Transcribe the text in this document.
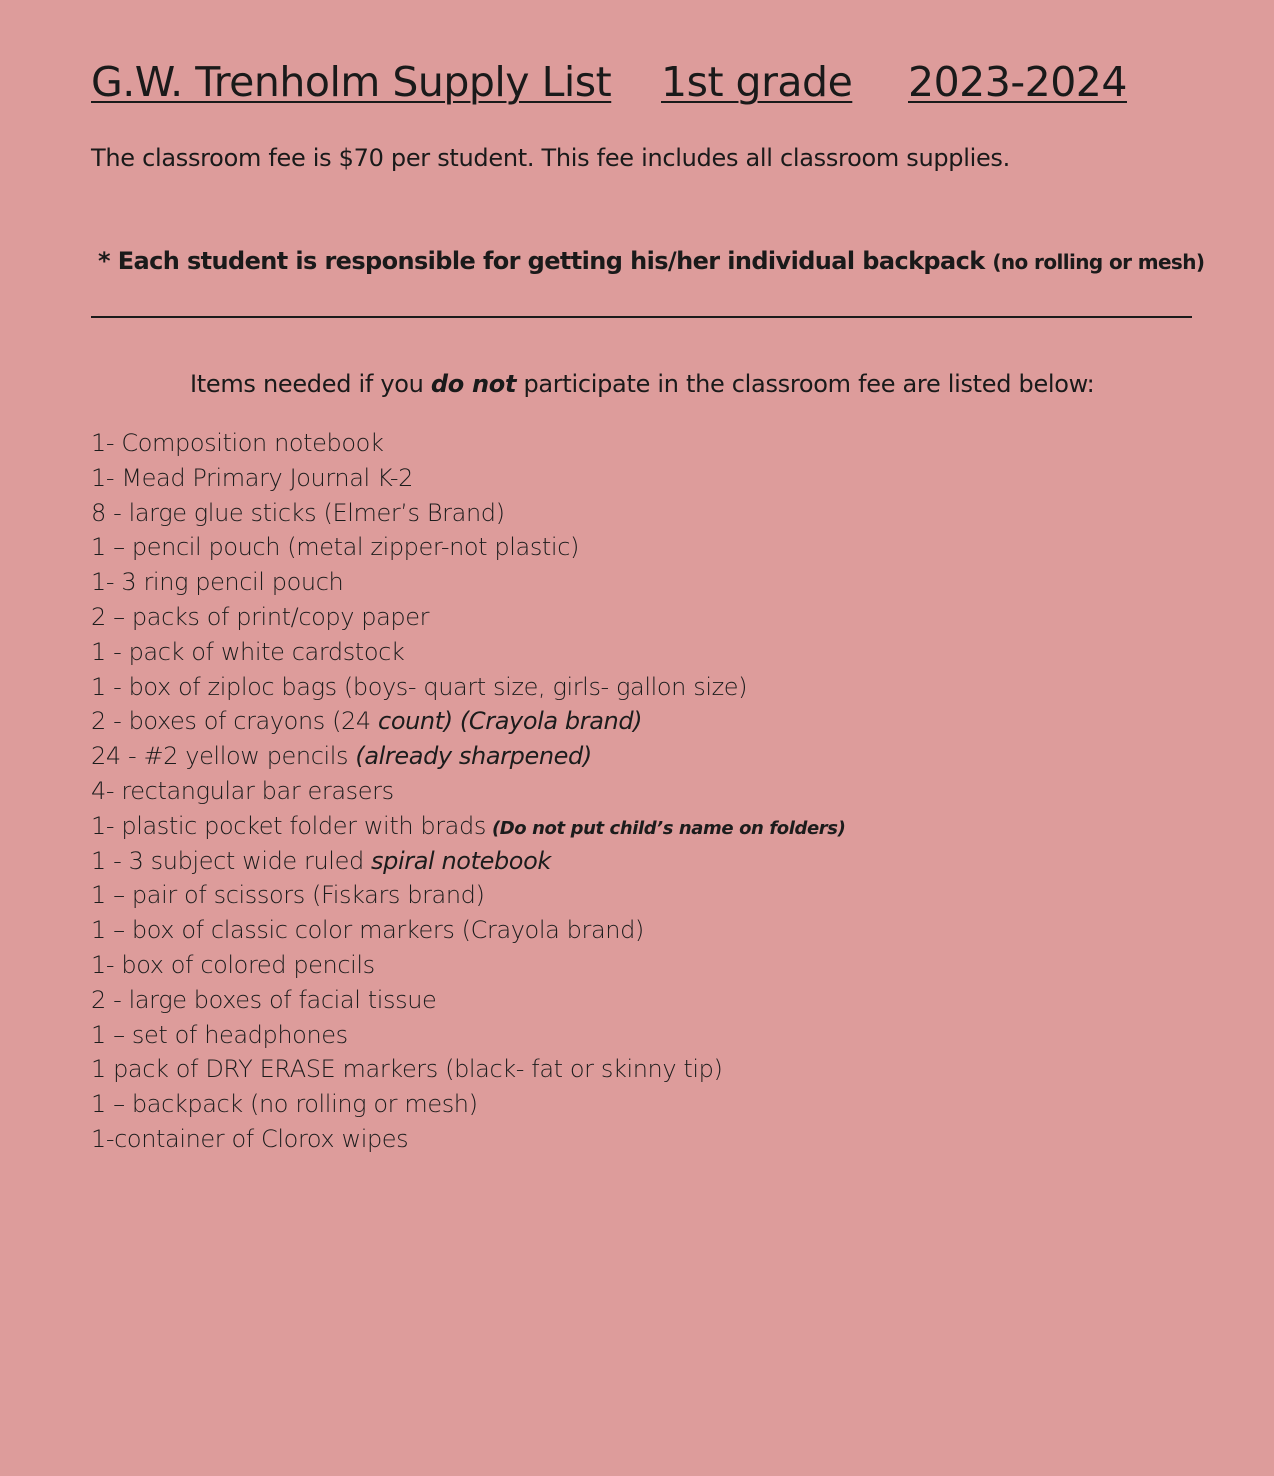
G.W. Trenholm Supply List 1st grade 2023-2024
The classroom fee is $70 per student. This fee includes all classroom supplies.
* Each student is responsible for getting his/her individual backpack (no rolling or mesh)
Items needed if you do not participate in the classroom fee are listed below:
1- Composition notebook
1- Mead Primary Journal K-2
8 - large glue sticks (Elmer’s Brand)
1 – pencil pouch (metal zipper-not plastic)
1- 3 ring pencil pouch
2 – packs of print/copy paper
1 - pack of white cardstock
1 - box of ziploc bags (boys- quart size, girls- gallon size)
2 - boxes of crayons (24 count) (Crayola brand)
24 - #2 yellow pencils (already sharpened)
4- rectangular bar erasers
1- plastic pocket folder with brads (Do not put child’s name on folders)
1 - 3 subject wide ruled spiral notebook
1 – pair of scissors (Fiskars brand)
1 – box of classic color markers (Crayola brand)
1- box of colored pencils
2 - large boxes of facial tissue
1 – set of headphones
1 pack of DRY ERASE markers (black- fat or skinny tip)
1 – backpack (no rolling or mesh)
1-container of Clorox wipes
